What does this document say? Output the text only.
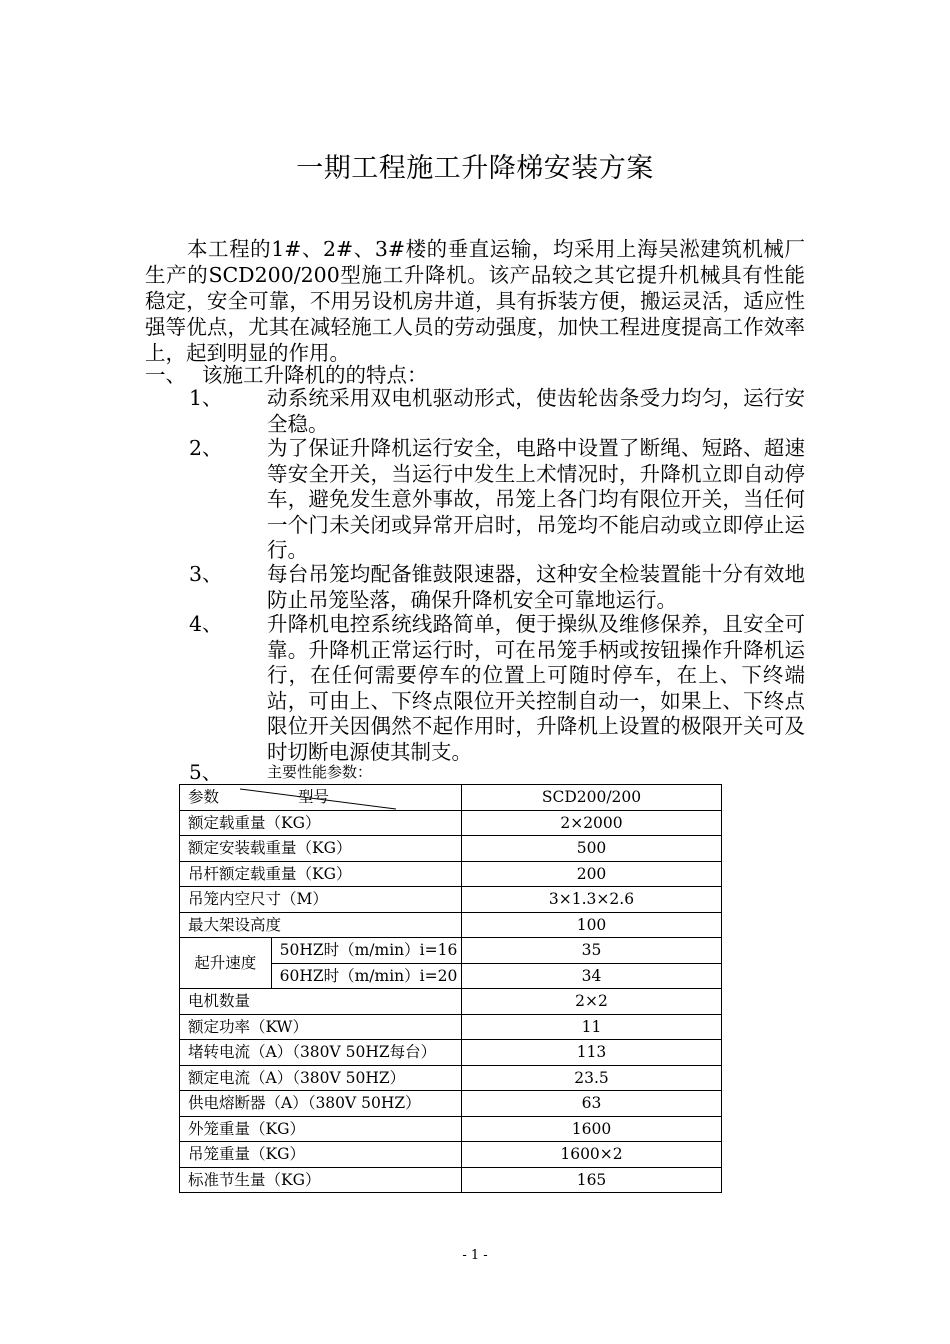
一期工程施工升降梯安装方案
本工程的1#、2#、3#楼的垂直运输，均采用上海吴淞建筑机械厂生产的SCD200/200型施工升降机。该产品较之其它提升机械具有性能稳定，安全可靠，不用另设机房井道，具有拆装方便，搬运灵活，适应性强等优点，尤其在减轻施工人员的劳动强度，加快工程进度提高工作效率上，起到明显的作用。
一、 该施工升降机的的特点：
1、 动系统采用双电机驱动形式，使齿轮齿条受力均匀，运行安全稳。
2、 为了保证升降机运行安全，电路中设置了断绳、短路、超速等安全开关，当运行中发生上术情况时，升降机立即自动停车，避免发生意外事故，吊笼上各门均有限位开关，当任何一个门未关闭或异常开启时，吊笼均不能启动或立即停止运行。
3、 每台吊笼均配备锥鼓限速器，这种安全检装置能十分有效地防止吊笼坠落，确保升降机安全可靠地运行。
4、 升降机电控系统线路简单，便于操纵及维修保养，且安全可靠。升降机正常运行时，可在吊笼手柄或按钮操作升降机运行，在任何需要停车的位置上可随时停车，在上、下终端站，可由上、下终点限位开关控制自动一，如果上、下终点限位开关因偶然不起作用时，升降机上设置的极限开关可及时切断电源使其制支。
5、	主要性能参数：
参数 型号		SCD200/200
额定载重量（KG）		2×2000
额定安装载重量（KG）		500
吊杆额定载重量（KG）		200
吊笼内空尺寸（M）		3×1.3×2.6
最大架设高度		100
起升速度	50HZ时（m/min）i=16	35
	60HZ时（m/min）i=20	34
电机数量		2×2
额定功率（KW）		11
堵转电流（A）（380V 50HZ每台）		113
额定电流（A）（380V 50HZ）		23.5
供电熔断器（A）（380V 50HZ）		63
外笼重量（KG）		1600
吊笼重量（KG）		1600×2
标准节生量（KG）		165
- 1 -
